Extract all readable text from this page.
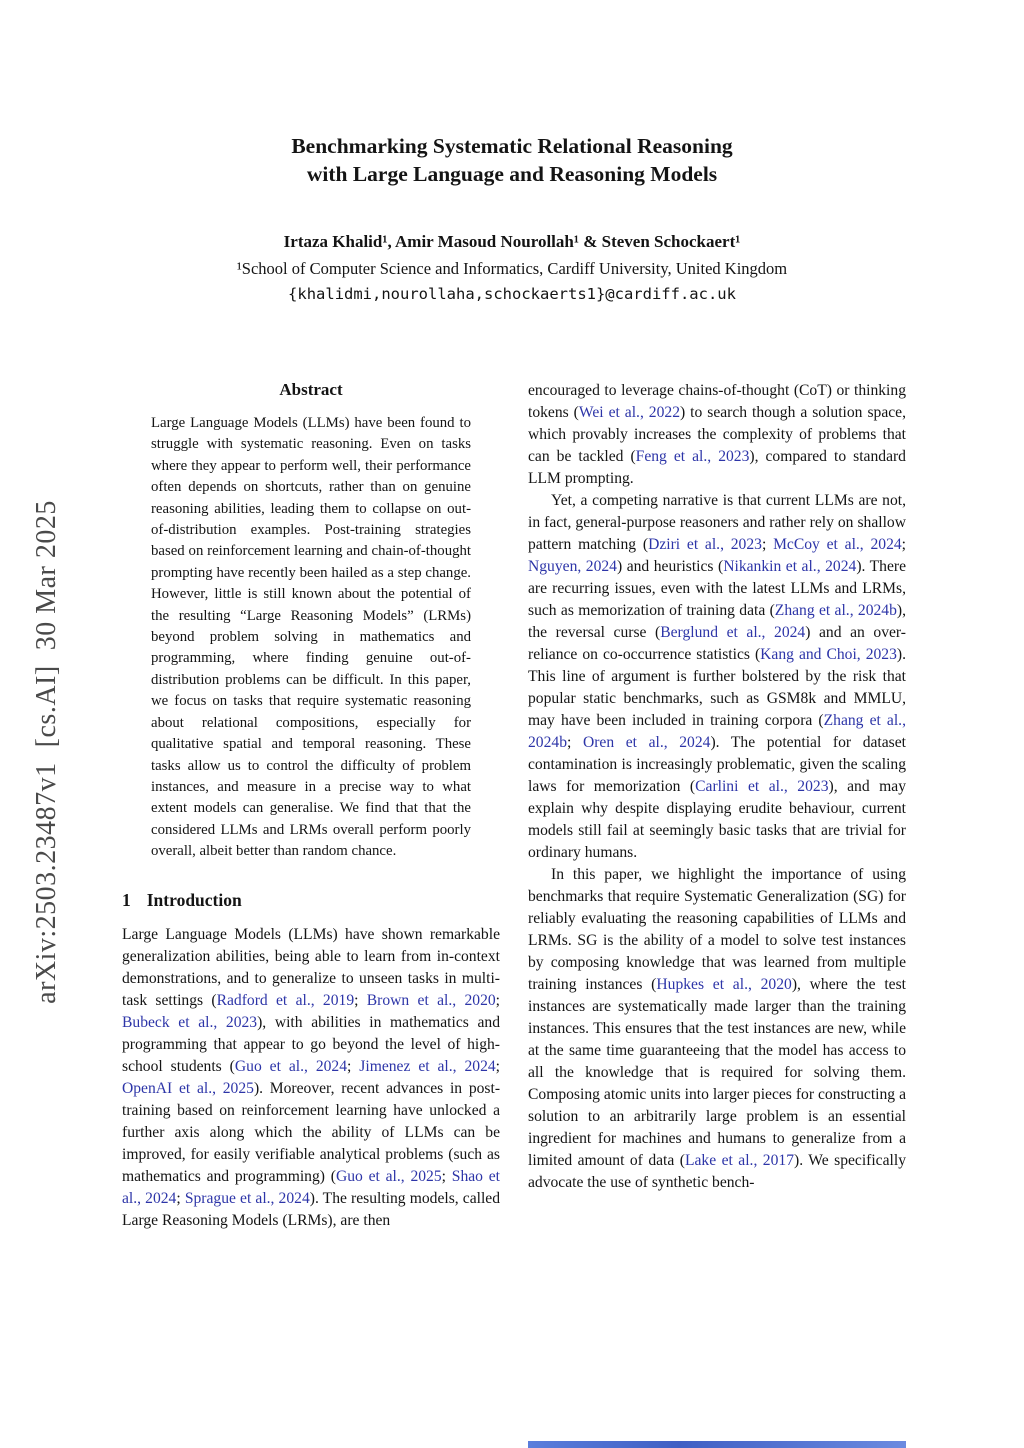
arXiv:2503.23487v1  [cs.AI]  30 Mar 2025
Benchmarking Systematic Relational Reasoning
with Large Language and Reasoning Models
Irtaza Khalid¹, Amir Masoud Nourollah¹ & Steven Schockaert¹
¹School of Computer Science and Informatics, Cardiff University, United Kingdom
{khalidmi,nourollaha,schockaerts1}@cardiff.ac.uk
Abstract

Large Language Models (LLMs) have been found to struggle with systematic reasoning. Even on tasks where they appear to perform well, their performance often depends on shortcuts, rather than on genuine reasoning abilities, leading them to collapse on out-of-distribution examples. Post-training strategies based on reinforcement learning and chain-of-thought prompting have recently been hailed as a step change. However, little is still known about the potential of the resulting “Large Reasoning Models” (LRMs) beyond problem solving in mathematics and programming, where finding genuine out-of-distribution problems can be difficult. In this paper, we focus on tasks that require systematic reasoning about relational compositions, especially for qualitative spatial and temporal reasoning. These tasks allow us to control the difficulty of problem instances, and measure in a precise way to what extent models can generalise. We find that that the considered LLMs and LRMs overall perform poorly overall, albeit better than random chance.

1 Introduction

Large Language Models (LLMs) have shown remarkable generalization abilities, being able to learn from in-context demonstrations, and to generalize to unseen tasks in multi-task settings (Radford et al., 2019; Brown et al., 2020; Bubeck et al., 2023), with abilities in mathematics and programming that appear to go beyond the level of high-school students (Guo et al., 2024; Jimenez et al., 2024; OpenAI et al., 2025). Moreover, recent advances in post-training based on reinforcement learning have unlocked a further axis along which the ability of LLMs can be improved, for easily verifiable analytical problems (such as mathematics and programming) (Guo et al., 2025; Shao et al., 2024; Sprague et al., 2024). The resulting models, called Large Reasoning Models (LRMs), are then

encouraged to leverage chains-of-thought (CoT) or thinking tokens (Wei et al., 2022) to search though a solution space, which provably increases the complexity of problems that can be tackled (Feng et al., 2023), compared to standard LLM prompting.

Yet, a competing narrative is that current LLMs are not, in fact, general-purpose reasoners and rather rely on shallow pattern matching (Dziri et al., 2023; McCoy et al., 2024; Nguyen, 2024) and heuristics (Nikankin et al., 2024). There are recurring issues, even with the latest LLMs and LRMs, such as memorization of training data (Zhang et al., 2024b), the reversal curse (Berglund et al., 2024) and an over-reliance on co-occurrence statistics (Kang and Choi, 2023). This line of argument is further bolstered by the risk that popular static benchmarks, such as GSM8k and MMLU, may have been included in training corpora (Zhang et al., 2024b; Oren et al., 2024). The potential for dataset contamination is increasingly problematic, given the scaling laws for memorization (Carlini et al., 2023), and may explain why despite displaying erudite behaviour, current models still fail at seemingly basic tasks that are trivial for ordinary humans.

In this paper, we highlight the importance of using benchmarks that require Systematic Generalization (SG) for reliably evaluating the reasoning capabilities of LLMs and LRMs. SG is the ability of a model to solve test instances by composing knowledge that was learned from multiple training instances (Hupkes et al., 2020), where the test instances are systematically made larger than the training instances. This ensures that the test instances are new, while at the same time guaranteeing that the model has access to all the knowledge that is required for solving them. Composing atomic units into larger pieces for constructing a solution to an arbitrarily large problem is an essential ingredient for machines and humans to generalize from a limited amount of data (Lake et al., 2017). We specifically advocate the use of synthetic bench-
